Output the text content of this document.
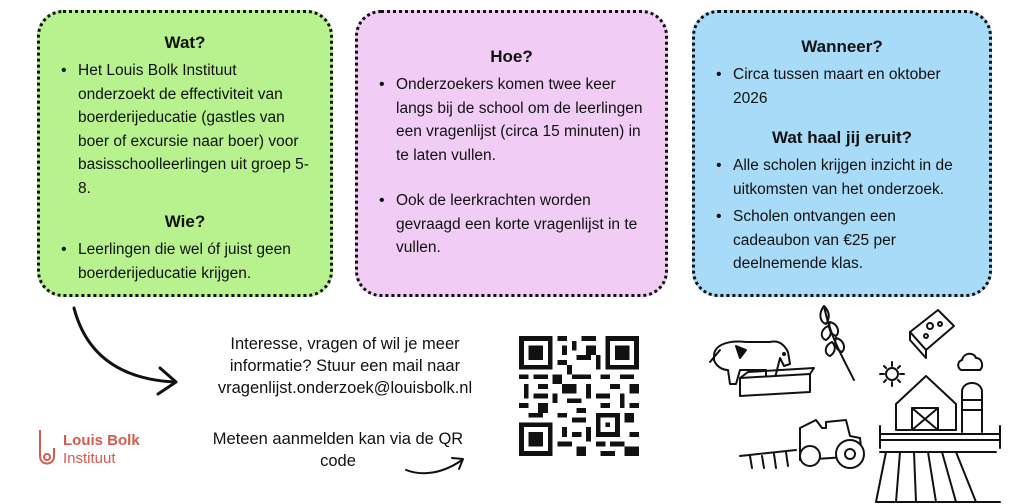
Wat?
• Het Louis Bolk Instituut onderzoekt de effectiviteit van boerderijeducatie (gastles van boer of excursie naar boer) voor basisschoolleerlingen uit groep 5-8.
Wie?
• Leerlingen die wel óf juist geen boerderijeducatie krijgen.
Hoe?
• Onderzoekers komen twee keer langs bij de school om de leerlingen een vragenlijst (circa 15 minuten) in te laten vullen.
• Ook de leerkrachten worden gevraagd een korte vragenlijst in te vullen.
Wanneer?
• Circa tussen maart en oktober 2026
Wat haal jij eruit?
• Alle scholen krijgen inzicht in de uitkomsten van het onderzoek.
• Scholen ontvangen een cadeaubon van €25 per deelnemende klas.
Interesse, vragen of wil je meer
informatie? Stuur een mail naar
vragenlijst.onderzoek@louisbolk.nl
Meteen aanmelden kan via de QR
code
Louis Bolk
Instituut
